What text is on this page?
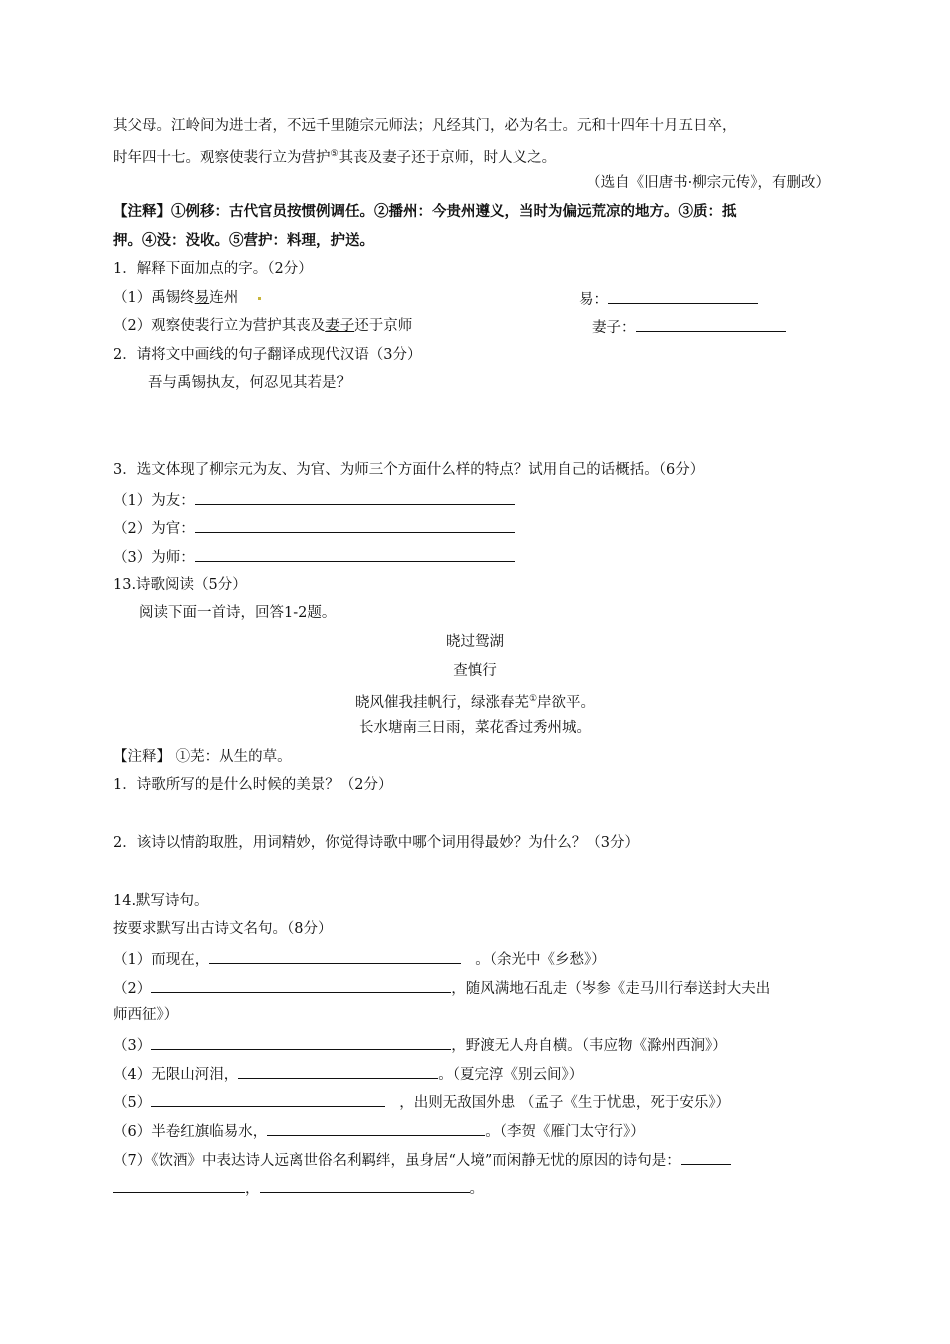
其父母。江岭间为进士者，不远千里随宗元师法；凡经其门，必为名士。元和十四年十月五日卒，
时年四十七。观察使裴行立为营护⑤其丧及妻子还于京师，时人义之。
（选自《旧唐书·柳宗元传》，有删改）
【注释】①例移：古代官员按惯例调任。②播州：今贵州遵义，当时为偏远荒凉的地方。③质：抵
押。④没：没收。⑤营护：料理，护送。
1．解释下面加点的字。（2分）
（1）禹锡终易连州	易：
（2）观察使裴行立为营护其丧及妻子还于京师	妻子：
2．请将文中画线的句子翻译成现代汉语（3分）
吾与禹锡执友，何忍见其若是？
3．选文体现了柳宗元为友、为官、为师三个方面什么样的特点？试用自己的话概括。（6分）
（1）为友：
（2）为官：
（3）为师：
13.诗歌阅读（5分）
阅读下面一首诗，回答1-2题。
晓过鸳湖
查慎行
晓风催我挂帆行，绿涨春芜①岸欲平。
长水塘南三日雨，菜花香过秀州城。
【注释】 ①芜：从生的草。
1．诗歌所写的是什么时候的美景？（2分）
2．该诗以情韵取胜，用词精妙，你觉得诗歌中哪个词用得最妙？为什么？（3分）
14.默写诗句。
按要求默写出古诗文名句。（8分）
（1）而现在，	。（余光中《乡愁》）
（2）	，随风满地石乱走（岑参《走马川行奉送封大夫出
师西征》）
（3）	，野渡无人舟自横。（韦应物《滁州西涧》）
（4）无限山河泪，	。（夏完淳《别云间》）
（5）	，出则无敌国外患 （孟子《生于忧患，死于安乐》）
（6）半卷红旗临易水，	。（李贺《雁门太守行》）
（7）《饮酒》中表达诗人远离世俗名利羁绊，虽身居“人境”而闲静无忧的原因的诗句是：
，	。
